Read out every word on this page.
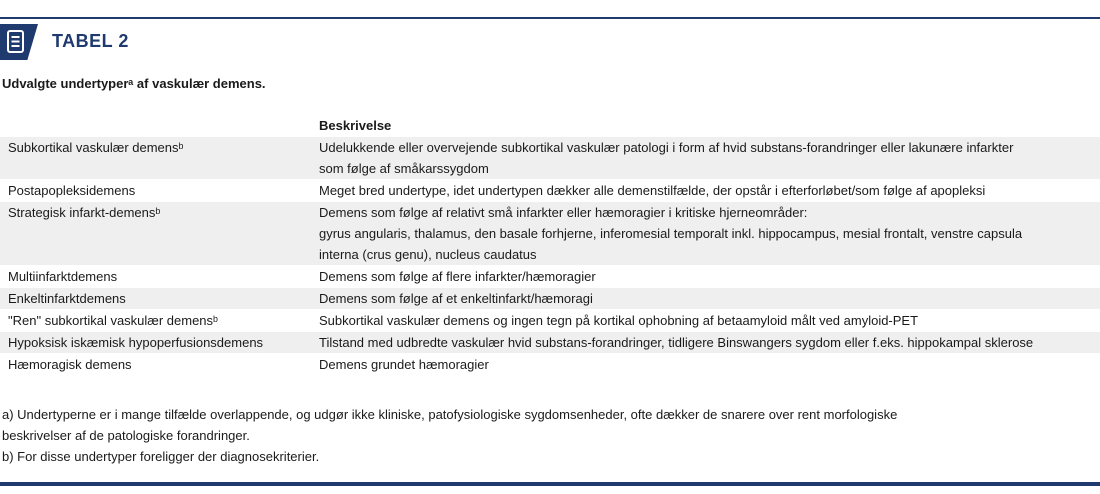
TABEL 2
Udvalgte undertyperᵃ af vaskulær demens.
	Beskrivelse
Subkortikal vaskulær demensᵇ	Udelukkende eller overvejende subkortikal vaskulær patologi i form af hvid substans-forandringer eller lakunære infarkter
som følge af småkarssygdom
Postapopleksidemens	Meget bred undertype, idet undertypen dækker alle demenstilfælde, der opstår i efterforløbet/som følge af apopleksi
Strategisk infarkt-demensᵇ	Demens som følge af relativt små infarkter eller hæmoragier i kritiske hjerneområder:
gyrus angularis, thalamus, den basale forhjerne, inferomesial temporalt inkl. hippocampus, mesial frontalt, venstre capsula
interna (crus genu), nucleus caudatus
Multiinfarktdemens	Demens som følge af flere infarkter/hæmoragier
Enkeltinfarktdemens	Demens som følge af et enkeltinfarkt/hæmoragi
"Ren" subkortikal vaskulær demensᵇ	Subkortikal vaskulær demens og ingen tegn på kortikal ophobning af betaamyloid målt ved amyloid-PET
Hypoksisk iskæmisk hypoperfusionsdemens	Tilstand med udbredte vaskulær hvid substans-forandringer, tidligere Binswangers sygdom eller f.eks. hippokampal sklerose
Hæmoragisk demens	Demens grundet hæmoragier
a) Undertyperne er i mange tilfælde overlappende, og udgør ikke kliniske, patofysiologiske sygdomsenheder, ofte dækker de snarere over rent morfologiske
beskrivelser af de patologiske forandringer.
b) For disse undertyper foreligger der diagnosekriterier.
